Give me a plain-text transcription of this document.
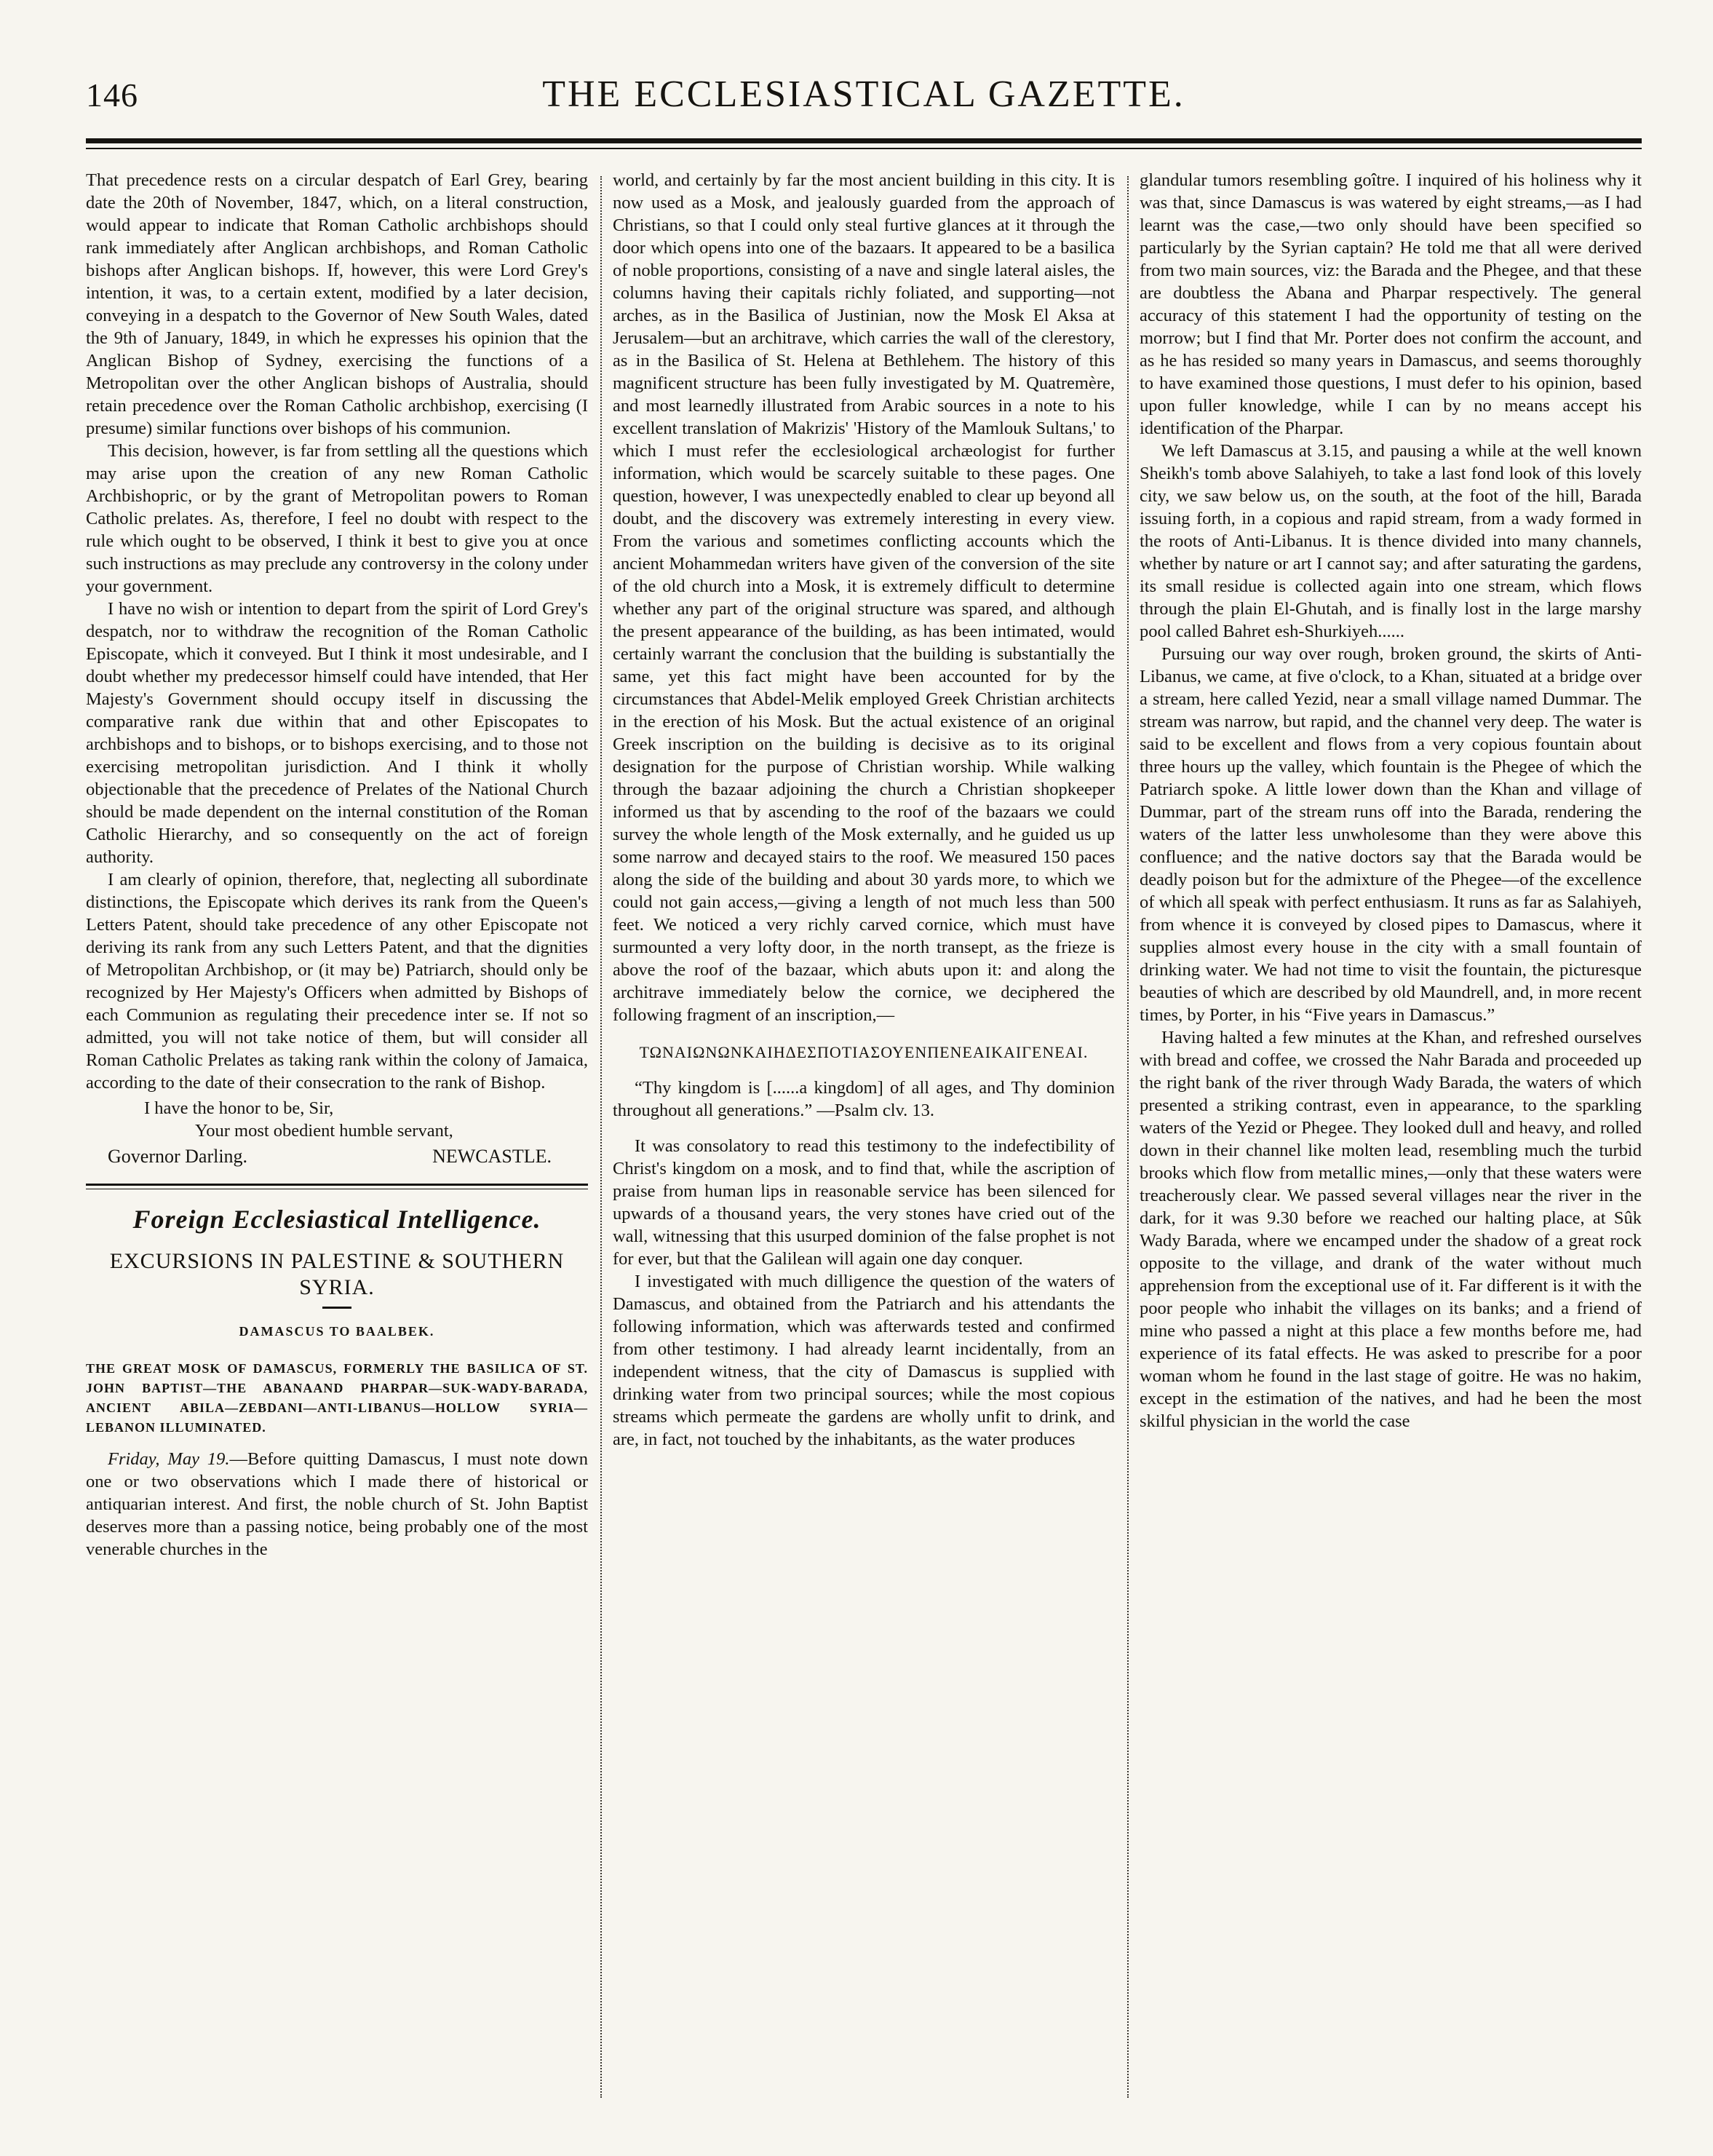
146	THE ECCLESIASTICAL GAZETTE.

That precedence rests on a circular despatch of Earl Grey, bearing date the 20th of November, 1847, which, on a literal construction, would appear to indicate that Roman Catholic archbishops should rank immediately after Anglican archbishops, and Roman Catholic bishops after Anglican bishops. If, however, this were Lord Grey's intention, it was, to a certain extent, modified by a later decision, conveying in a despatch to the Governor of New South Wales, dated the 9th of January, 1849, in which he expresses his opinion that the Anglican Bishop of Sydney, exercising the functions of a Metropolitan over the other Anglican bishops of Australia, should retain precedence over the Roman Catholic archbishop, exercising (I presume) similar functions over bishops of his communion.

This decision, however, is far from settling all the questions which may arise upon the creation of any new Roman Catholic Archbishopric, or by the grant of Metropolitan powers to Roman Catholic prelates. As, therefore, I feel no doubt with respect to the rule which ought to be observed, I think it best to give you at once such instructions as may preclude any controversy in the colony under your government.

I have no wish or intention to depart from the spirit of Lord Grey's despatch, nor to withdraw the recognition of the Roman Catholic Episcopate, which it conveyed. But I think it most undesirable, and I doubt whether my predecessor himself could have intended, that Her Majesty's Government should occupy itself in discussing the comparative rank due within that and other Episcopates to archbishops and to bishops, or to bishops exercising, and to those not exercising metropolitan jurisdiction. And I think it wholly objectionable that the precedence of Prelates of the National Church should be made dependent on the internal constitution of the Roman Catholic Hierarchy, and so consequently on the act of foreign authority.

I am clearly of opinion, therefore, that, neglecting all subordinate distinctions, the Episcopate which derives its rank from the Queen's Letters Patent, should take precedence of any other Episcopate not deriving its rank from any such Letters Patent, and that the dignities of Metropolitan Archbishop, or (it may be) Patriarch, should only be recognized by Her Majesty's Officers when admitted by Bishops of each Communion as regulating their precedence inter se. If not so admitted, you will not take notice of them, but will consider all Roman Catholic Prelates as taking rank within the colony of Jamaica, according to the date of their consecration to the rank of Bishop.

I have the honor to be, Sir,

Your most obedient humble servant,

Governor Darling.	NEWCASTLE.
Foreign Ecclesiastical Intelligence.
EXCURSIONS IN PALESTINE & SOUTHERN SYRIA.
DAMASCUS TO BAALBEK.
THE GREAT MOSK OF DAMASCUS, FORMERLY THE BASILICA OF ST. JOHN BAPTIST—THE ABANAAND PHARPAR—SUK-WADY-BARADA, ANCIENT ABILA—ZEBDANI—ANTI-LIBANUS—HOLLOW SYRIA—LEBANON ILLUMINATED.

Friday, May 19.—Before quitting Damascus, I must note down one or two observations which I made there of historical or antiquarian interest. And first, the noble church of St. John Baptist deserves more than a passing notice, being probably one of the most venerable churches in the

world, and certainly by far the most ancient building in this city. It is now used as a Mosk, and jealously guarded from the approach of Christians, so that I could only steal furtive glances at it through the door which opens into one of the bazaars. It appeared to be a basilica of noble proportions, consisting of a nave and single lateral aisles, the columns having their capitals richly foliated, and supporting—not arches, as in the Basilica of Justinian, now the Mosk El Aksa at Jerusalem—but an architrave, which carries the wall of the clerestory, as in the Basilica of St. Helena at Bethlehem. The history of this magnificent structure has been fully investigated by M. Quatremère, and most learnedly illustrated from Arabic sources in a note to his excellent translation of Makrizis' 'History of the Mamlouk Sultans,' to which I must refer the ecclesiological archæologist for further information, which would be scarcely suitable to these pages. One question, however, I was unexpectedly enabled to clear up beyond all doubt, and the discovery was extremely interesting in every view. From the various and sometimes conflicting accounts which the ancient Mohammedan writers have given of the conversion of the site of the old church into a Mosk, it is extremely difficult to determine whether any part of the original structure was spared, and although the present appearance of the building, as has been intimated, would certainly warrant the conclusion that the building is substantially the same, yet this fact might have been accounted for by the circumstances that Abdel-Melik employed Greek Christian architects in the erection of his Mosk. But the actual existence of an original Greek inscription on the building is decisive as to its original designation for the purpose of Christian worship. While walking through the bazaar adjoining the church a Christian shopkeeper informed us that by ascending to the roof of the bazaars we could survey the whole length of the Mosk externally, and he guided us up some narrow and decayed stairs to the roof. We measured 150 paces along the side of the building and about 30 yards more, to which we could not gain access,—giving a length of not much less than 500 feet. We noticed a very richly carved cornice, which must have surmounted a very lofty door, in the north transept, as the frieze is above the roof of the bazaar, which abuts upon it: and along the architrave immediately below the cornice, we deciphered the following fragment of an inscription,—

ΤΩΝΑΙΩΝΩΝΚΑΙΗΔΕΣΠΟΤΙΑΣΟΥΕΝΠΕΝΕΑΙΚΑΙΓΕΝΕΑΙ.

“Thy kingdom is [......a kingdom] of all ages, and Thy dominion throughout all generations.” —Psalm clv. 13.

It was consolatory to read this testimony to the indefectibility of Christ's kingdom on a mosk, and to find that, while the ascription of praise from human lips in reasonable service has been silenced for upwards of a thousand years, the very stones have cried out of the wall, witnessing that this usurped dominion of the false prophet is not for ever, but that the Galilean will again one day conquer.

I investigated with much dilligence the question of the waters of Damascus, and obtained from the Patriarch and his attendants the following information, which was afterwards tested and confirmed from other testimony. I had already learnt incidentally, from an independent witness, that the city of Damascus is supplied with drinking water from two principal sources; while the most copious streams which permeate the gardens are wholly unfit to drink, and are, in fact, not touched by the inhabitants, as the water produces

glandular tumors resembling goître. I inquired of his holiness why it was that, since Damascus is was watered by eight streams,—as I had learnt was the case,—two only should have been specified so particularly by the Syrian captain? He told me that all were derived from two main sources, viz: the Barada and the Phegee, and that these are doubtless the Abana and Pharpar respectively. The general accuracy of this statement I had the opportunity of testing on the morrow; but I find that Mr. Porter does not confirm the account, and as he has resided so many years in Damascus, and seems thoroughly to have examined those questions, I must defer to his opinion, based upon fuller knowledge, while I can by no means accept his identification of the Pharpar.

We left Damascus at 3.15, and pausing a while at the well known Sheikh's tomb above Salahiyeh, to take a last fond look of this lovely city, we saw below us, on the south, at the foot of the hill, Barada issuing forth, in a copious and rapid stream, from a wady formed in the roots of Anti-Libanus. It is thence divided into many channels, whether by nature or art I cannot say; and after saturating the gardens, its small residue is collected again into one stream, which flows through the plain El-Ghutah, and is finally lost in the large marshy pool called Bahret esh-Shurkiyeh......

Pursuing our way over rough, broken ground, the skirts of Anti-Libanus, we came, at five o'clock, to a Khan, situated at a bridge over a stream, here called Yezid, near a small village named Dummar. The stream was narrow, but rapid, and the channel very deep. The water is said to be excellent and flows from a very copious fountain about three hours up the valley, which fountain is the Phegee of which the Patriarch spoke. A little lower down than the Khan and village of Dummar, part of the stream runs off into the Barada, rendering the waters of the latter less unwholesome than they were above this confluence; and the native doctors say that the Barada would be deadly poison but for the admixture of the Phegee—of the excellence of which all speak with perfect enthusiasm. It runs as far as Salahiyeh, from whence it is conveyed by closed pipes to Damascus, where it supplies almost every house in the city with a small fountain of drinking water. We had not time to visit the fountain, the picturesque beauties of which are described by old Maundrell, and, in more recent times, by Porter, in his “Five years in Damascus.”

Having halted a few minutes at the Khan, and refreshed ourselves with bread and coffee, we crossed the Nahr Barada and proceeded up the right bank of the river through Wady Barada, the waters of which presented a striking contrast, even in appearance, to the sparkling waters of the Yezid or Phegee. They looked dull and heavy, and rolled down in their channel like molten lead, resembling much the turbid brooks which flow from metallic mines,—only that these waters were treacherously clear. We passed several villages near the river in the dark, for it was 9.30 before we reached our halting place, at Sûk Wady Barada, where we encamped under the shadow of a great rock opposite to the village, and drank of the water without much apprehension from the exceptional use of it. Far different is it with the poor people who inhabit the villages on its banks; and a friend of mine who passed a night at this place a few months before me, had experience of its fatal effects. He was asked to prescribe for a poor woman whom he found in the last stage of goitre. He was no hakim, except in the estimation of the natives, and had he been the most skilful physician in the world the case
